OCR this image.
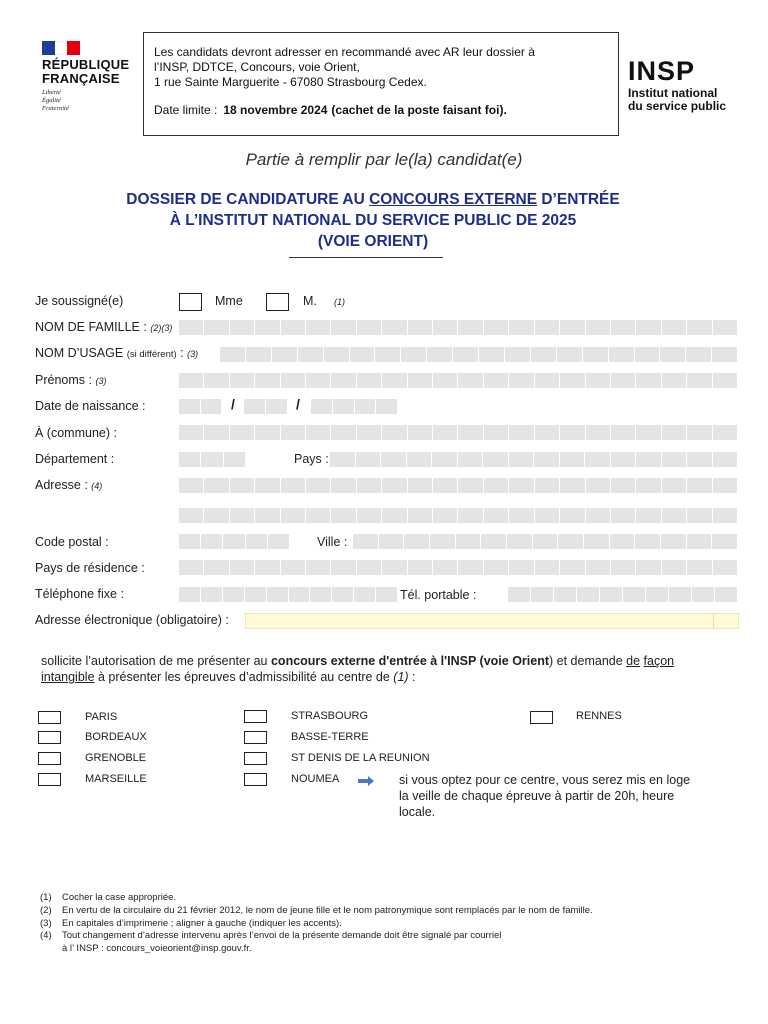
RÉPUBLIQUE
FRANÇAISE
Liberté
Égalité
Fraternité
Les candidats devront adresser en recommandé avec AR leur dossier à
l’INSP, DDTCE, Concours, voie Orient,
1 rue Sainte Marguerite - 67080 Strasbourg Cedex.
Date limite : 18 novembre 2024 (cachet de la poste faisant foi).
INSP
Institut national
du service public
Partie à remplir par le(la) candidat(e)
DOSSIER DE CANDIDATURE AU CONCOURS EXTERNE D’ENTRÉE
À L’INSTITUT NATIONAL DU SERVICE PUBLIC DE 2025
(VOIE ORIENT)
Je soussigné(e)	Mme	M. (1)
NOM DE FAMILLE : (2)(3)
NOM D’USAGE (si différent) : (3)
Prénoms : (3)
Date de naissance :	/	/
À (commune) :
Département :	Pays :
Adresse : (4)
Code postal :	Ville :
Pays de résidence :
Téléphone fixe :	Tél. portable :
Adresse électronique (obligatoire) :
sollicite l’autorisation de me présenter au concours externe d'entrée à l'INSP (voie Orient) et demande de façon
intangible à présenter les épreuves d’admissibilité au centre de (1) :
PARIS
BORDEAUX
GRENOBLE
MARSEILLE
STRASBOURG
BASSE-TERRE
ST DENIS DE LA REUNION
NOUMEA
RENNES
si vous optez pour ce centre, vous serez mis en loge la veille de chaque épreuve à partir de 20h, heure locale.
(1) Cocher la case appropriée.
(2) En vertu de la circulaire du 21 février 2012, le nom de jeune fille et le nom patronymique sont remplacés par le nom de famille.
(3) En capitales d’imprimerie ; aligner à gauche (indiquer les accents).
(4) Tout changement d’adresse intervenu après l’envoi de la présente demande doit être signalé par courriel
à l’ INSP : concours_voieorient@insp.gouv.fr.
